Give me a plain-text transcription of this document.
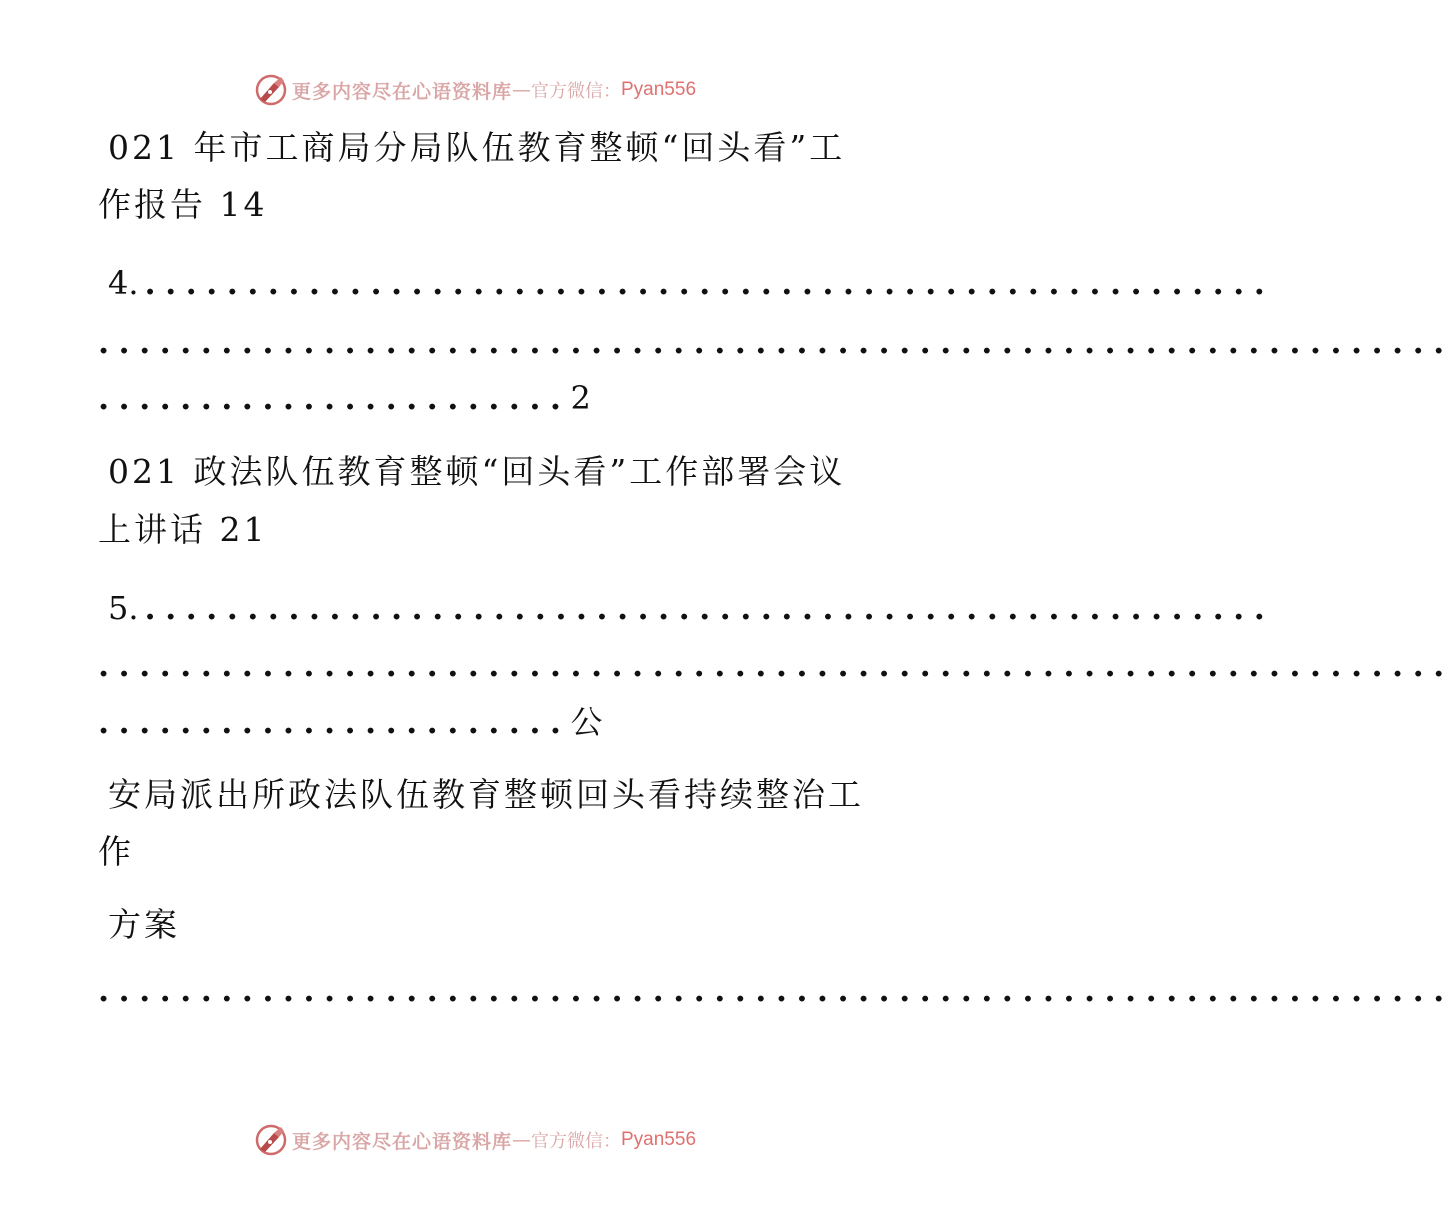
更多内容尽在心语资料库 — 官方微信： Pyan556
021 年市工商局分局队伍教育整顿“回头看”工
作报告 14
4. .......................................................
..................................................................
.......................2
021 政法队伍教育整顿“回头看”工作部署会议
上讲话 21
5. .......................................................
..................................................................
.......................公
安局派出所政法队伍教育整顿回头看持续整治工
作
方案
..................................................................
更多内容尽在心语资料库 — 官方微信： Pyan556
